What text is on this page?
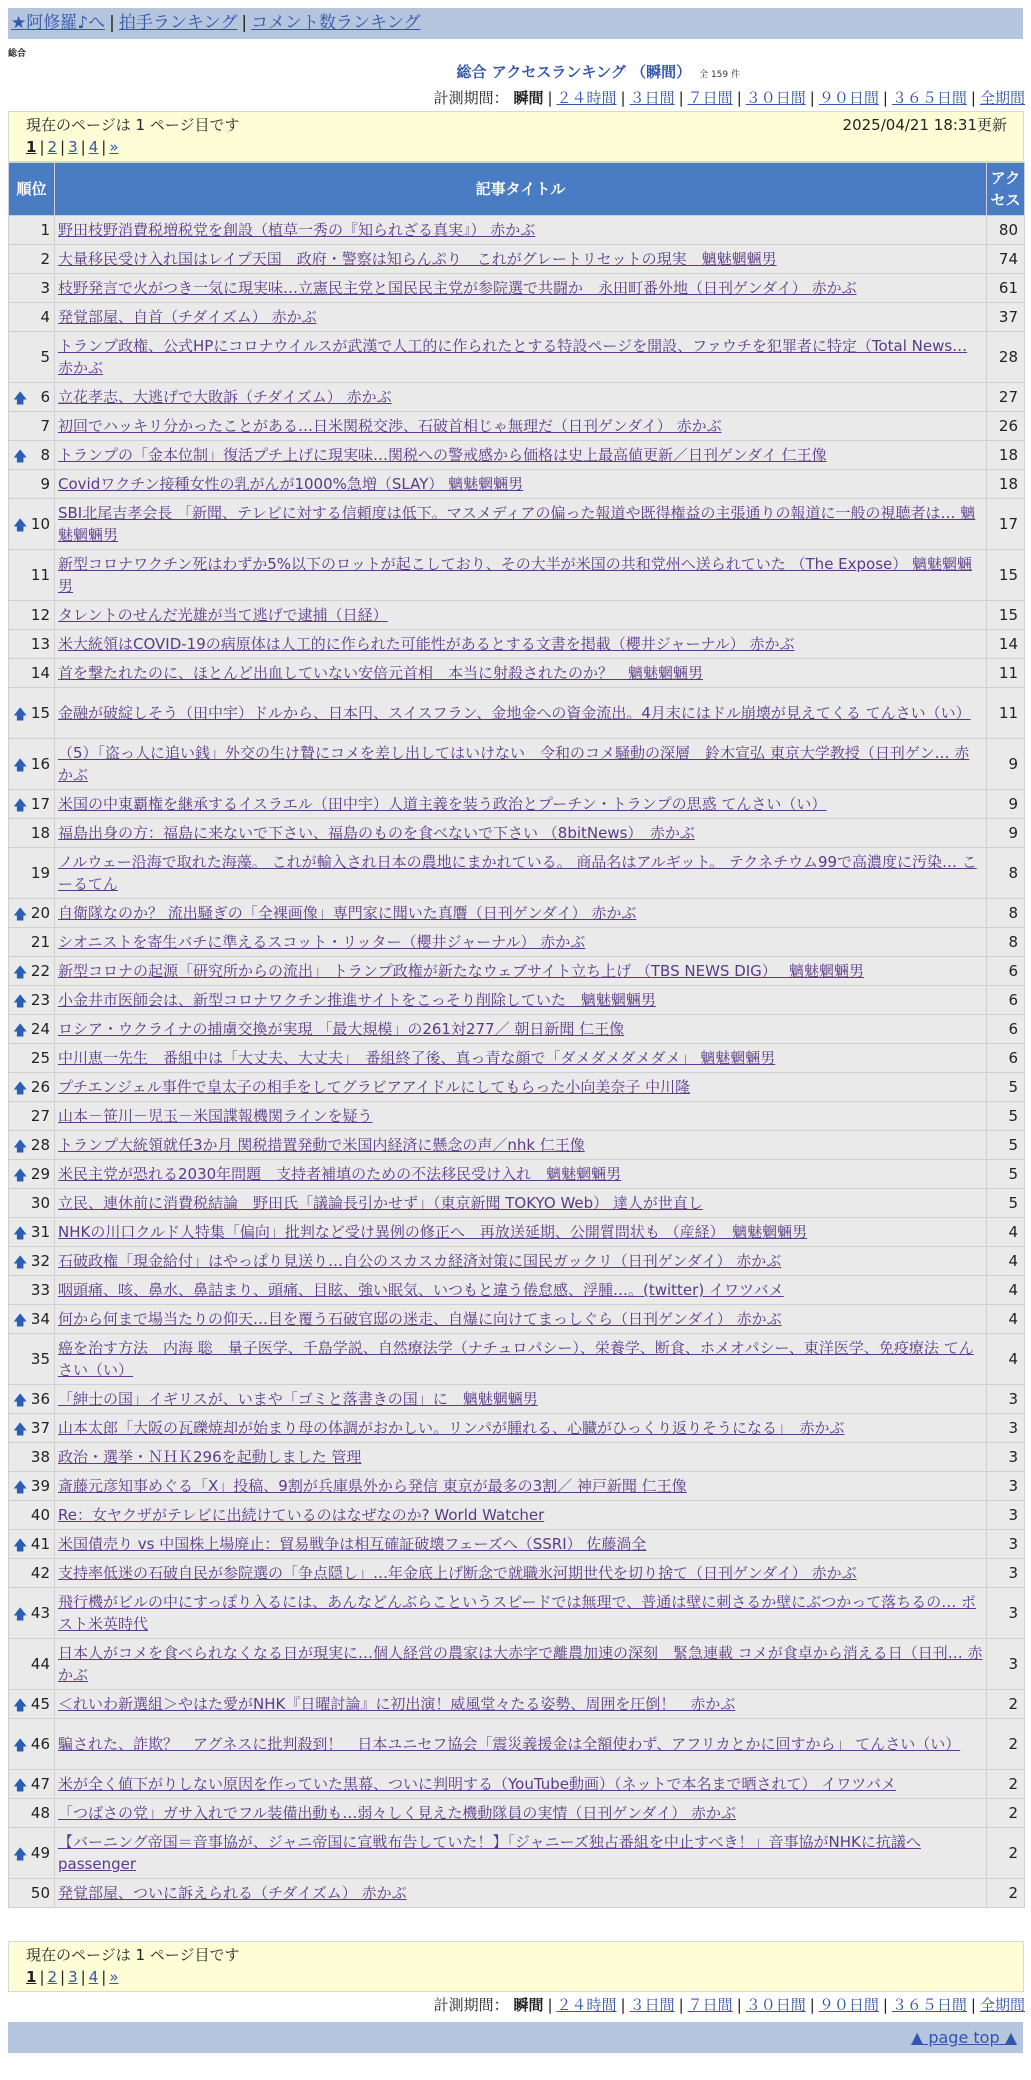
★阿修羅♪へ | 拍手ランキング | コメント数ランキング
総合
総合 アクセスランキング （瞬間） 全 159 件
計測期間： 瞬間 | ２４時間 | ３日間 | ７日間 | ３０日間 | ９０日間 | ３６５日間 | 全期間
現在のページは 1 ページ目です	2025/04/21 18:31更新
1 | 2 | 3 | 4 | »
順位	記事タイトル	アクセス
1	野田枝野消費税増税党を創設（植草一秀の『知られざる真実』） 赤かぶ	80
2	大量移民受け入れ国はレイプ天国　政府・警察は知らんぷり　これがグレートリセットの現実　魑魅魍魎男	74
3	枝野発言で火がつき一気に現実味…立憲民主党と国民民主党が参院選で共闘か　永田町番外地（日刊ゲンダイ） 赤かぶ	61
4	発覚部屋、自首（チダイズム） 赤かぶ	37
5	トランプ政権、公式HPにコロナウイルスが武漢で人工的に作られたとする特設ページを開設、ファウチを犯罪者に特定（Total News… 赤かぶ	28

🡅 6	立花孝志、大逃げで大敗訴（チダイズム） 赤かぶ	27
7	初回でハッキリ分かったことがある…日米関税交渉、石破首相じゃ無理だ（日刊ゲンダイ） 赤かぶ	26

🡅 8	トランプの「金本位制」復活プチ上げに現実味…関税への警戒感から価格は史上最高値更新／日刊ゲンダイ 仁王像	18
9	Covidワクチン接種女性の乳がんが1000%急増（SLAY） 魑魅魍魎男	18

🡅 10	SBI北尾吉孝会長 「新聞、テレビに対する信頼度は低下。マスメディアの偏った報道や既得権益の主張通りの報道に一般の視聴者は… 魑魅魍魎男	17
11	新型コロナワクチン死はわずか5%以下のロットが起こしており、その大半が米国の共和党州へ送られていた （The Expose） 魑魅魍魎男	15
12	タレントのせんだ光雄が当て逃げで逮捕（日経）	15
13	米大統領はCOVID-19の病原体は人工的に作られた可能性があるとする文書を掲載（櫻井ジャーナル） 赤かぶ	14
14	首を撃たれたのに、ほとんど出血していない安倍元首相　本当に射殺されたのか？　魑魅魍魎男	11

🡅 15	金融が破綻しそう（田中宇）ドルから、日本円、スイスフラン、金地金への資金流出。4月末にはドル崩壊が見えてくる てんさい（い）	11

🡅 16	（5）「盗っ人に追い銭」外交の生け贄にコメを差し出してはいけない　令和のコメ騒動の深層　鈴木宣弘 東京大学教授（日刊ゲン… 赤かぶ	9

🡅 17	米国の中東覇権を継承するイスラエル（田中宇）人道主義を装う政治とプーチン・トランプの思惑 てんさい（い）	9
18	福島出身の方：福島に来ないで下さい、福島のものを食べないで下さい （8bitNews）　赤かぶ	9
19	ノルウェー沿海で取れた海藻。 これが輸入され日本の農地にまかれている。 商品名はアルギット。 テクネチウム99で高濃度に汚染… こーるてん	8

🡅 20	自衛隊なのか？ 流出騒ぎの「全裸画像」専門家に聞いた真贋（日刊ゲンダイ） 赤かぶ	8
21	シオニストを寄生バチに準えるスコット・リッター（櫻井ジャーナル） 赤かぶ	8

🡅 22	新型コロナの起源「研究所からの流出」 トランプ政権が新たなウェブサイト立ち上げ （TBS NEWS DIG）　 魑魅魍魎男	6

🡅 23	小金井市医師会は、新型コロナワクチン推進サイトをこっそり削除していた　魑魅魍魎男	6

🡅 24	ロシア・ウクライナの捕虜交換が実現 「最大規模」の261対277／ 朝日新聞 仁王像	6
25	中川恵一先生　番組中は「大丈夫、大丈夫」　番組終了後、真っ青な顔で「ダメダメダメダメ」 魑魅魍魎男	6

🡅 26	プチエンジェル事件で皇太子の相手をしてグラビアアイドルにしてもらった小向美奈子 中川隆	5
27	山本－笹川－児玉－米国諜報機関ラインを疑う	5

🡅 28	トランプ大統領就任3か月 関税措置発動で米国内経済に懸念の声／nhk 仁王像	5

🡅 29	米民主党が恐れる2030年問題　支持者補填のための不法移民受け入れ　魑魅魍魎男	5
30	立民、連休前に消費税結論　野田氏「議論長引かせず」（東京新聞 TOKYO Web） 達人が世直し	5

🡅 31	NHKの川口クルド人特集「偏向」批判など受け異例の修正へ　再放送延期、公開質問状も （産経）　魑魅魍魎男	4

🡅 32	石破政権「現金給付」はやっぱり見送り…自公のスカスカ経済対策に国民ガックリ（日刊ゲンダイ） 赤かぶ	4
33	咽頭痛、咳、鼻水、鼻詰まり、頭痛、目眩、強い眠気、いつもと違う倦怠感、浮腫…。(twitter) イワツバメ	4

🡅 34	何から何まで場当たりの仰天…目を覆う石破官邸の迷走、自爆に向けてまっしぐら（日刊ゲンダイ） 赤かぶ	4
35	癌を治す方法　内海 聡　量子医学、千島学説、自然療法学（ナチュロパシー）、栄養学、断食、ホメオパシー、東洋医学、免疫療法 てんさい（い）	4

🡅 36	「紳士の国」イギリスが、いまや「ゴミと落書きの国」に　魑魅魍魎男	3

🡅 37	山本太郎「大阪の瓦礫焼却が始まり母の体調がおかしい。リンパが腫れる、心臓がひっくり返りそうになる」　赤かぶ	3
38	政治・選挙・ＮＨＫ296を起動しました 管理	3

🡅 39	斎藤元彦知事めぐる「X」投稿、9割が兵庫県外から発信 東京が最多の3割／ 神戸新聞 仁王像	3
40	Re：女ヤクザがテレビに出続けているのはなぜなのか? World Watcher	3

🡅 41	米国債売り vs 中国株上場廃止：貿易戦争は相互確証破壊フェーズへ（SSRI） 佐藤渦全	3
42	支持率低迷の石破自民が参院選の「争点隠し」…年金底上げ断念で就職氷河期世代を切り捨て（日刊ゲンダイ） 赤かぶ	3

🡅 43	飛行機がビルの中にすっぽり入るには、あんなどんぶらこというスピードでは無理で、普通は壁に刺さるか壁にぶつかって落ちるの… ポスト米英時代	3
44	日本人がコメを食べられなくなる日が現実に…個人経営の農家は大赤字で離農加速の深刻　緊急連載 コメが食卓から消える日（日刊… 赤かぶ	3

🡅 45	＜れいわ新選組＞やはた愛がNHK『日曜討論』に初出演！威風堂々たる姿勢、周囲を圧倒！　赤かぶ	2

🡅 46	騙された、詐欺？　アグネスに批判殺到！　日本ユニセフ協会「震災義援金は全額使わず、アフリカとかに回すから」 てんさい（い）	2

🡅 47	米が全く値下がりしない原因を作っていた黒幕、ついに判明する（YouTube動画）（ネットで本名まで晒されて） イワツバメ	2
48	「つばさの党」ガサ入れでフル装備出動も…弱々しく見えた機動隊員の実情（日刊ゲンダイ） 赤かぶ	2

🡅 49	【バーニング帝国＝音事協が、ジャニ帝国に宣戦布告していた！】「ジャニーズ独占番組を中止すべき！」音事協がNHKに抗議へ passenger	2
50	発覚部屋、ついに訴えられる（チダイズム） 赤かぶ	2
現在のページは 1 ページ目です
1 | 2 | 3 | 4 | »
計測期間： 瞬間 | ２４時間 | ３日間 | ７日間 | ３０日間 | ９０日間 | ３６５日間 | 全期間
▲ page top ▲
